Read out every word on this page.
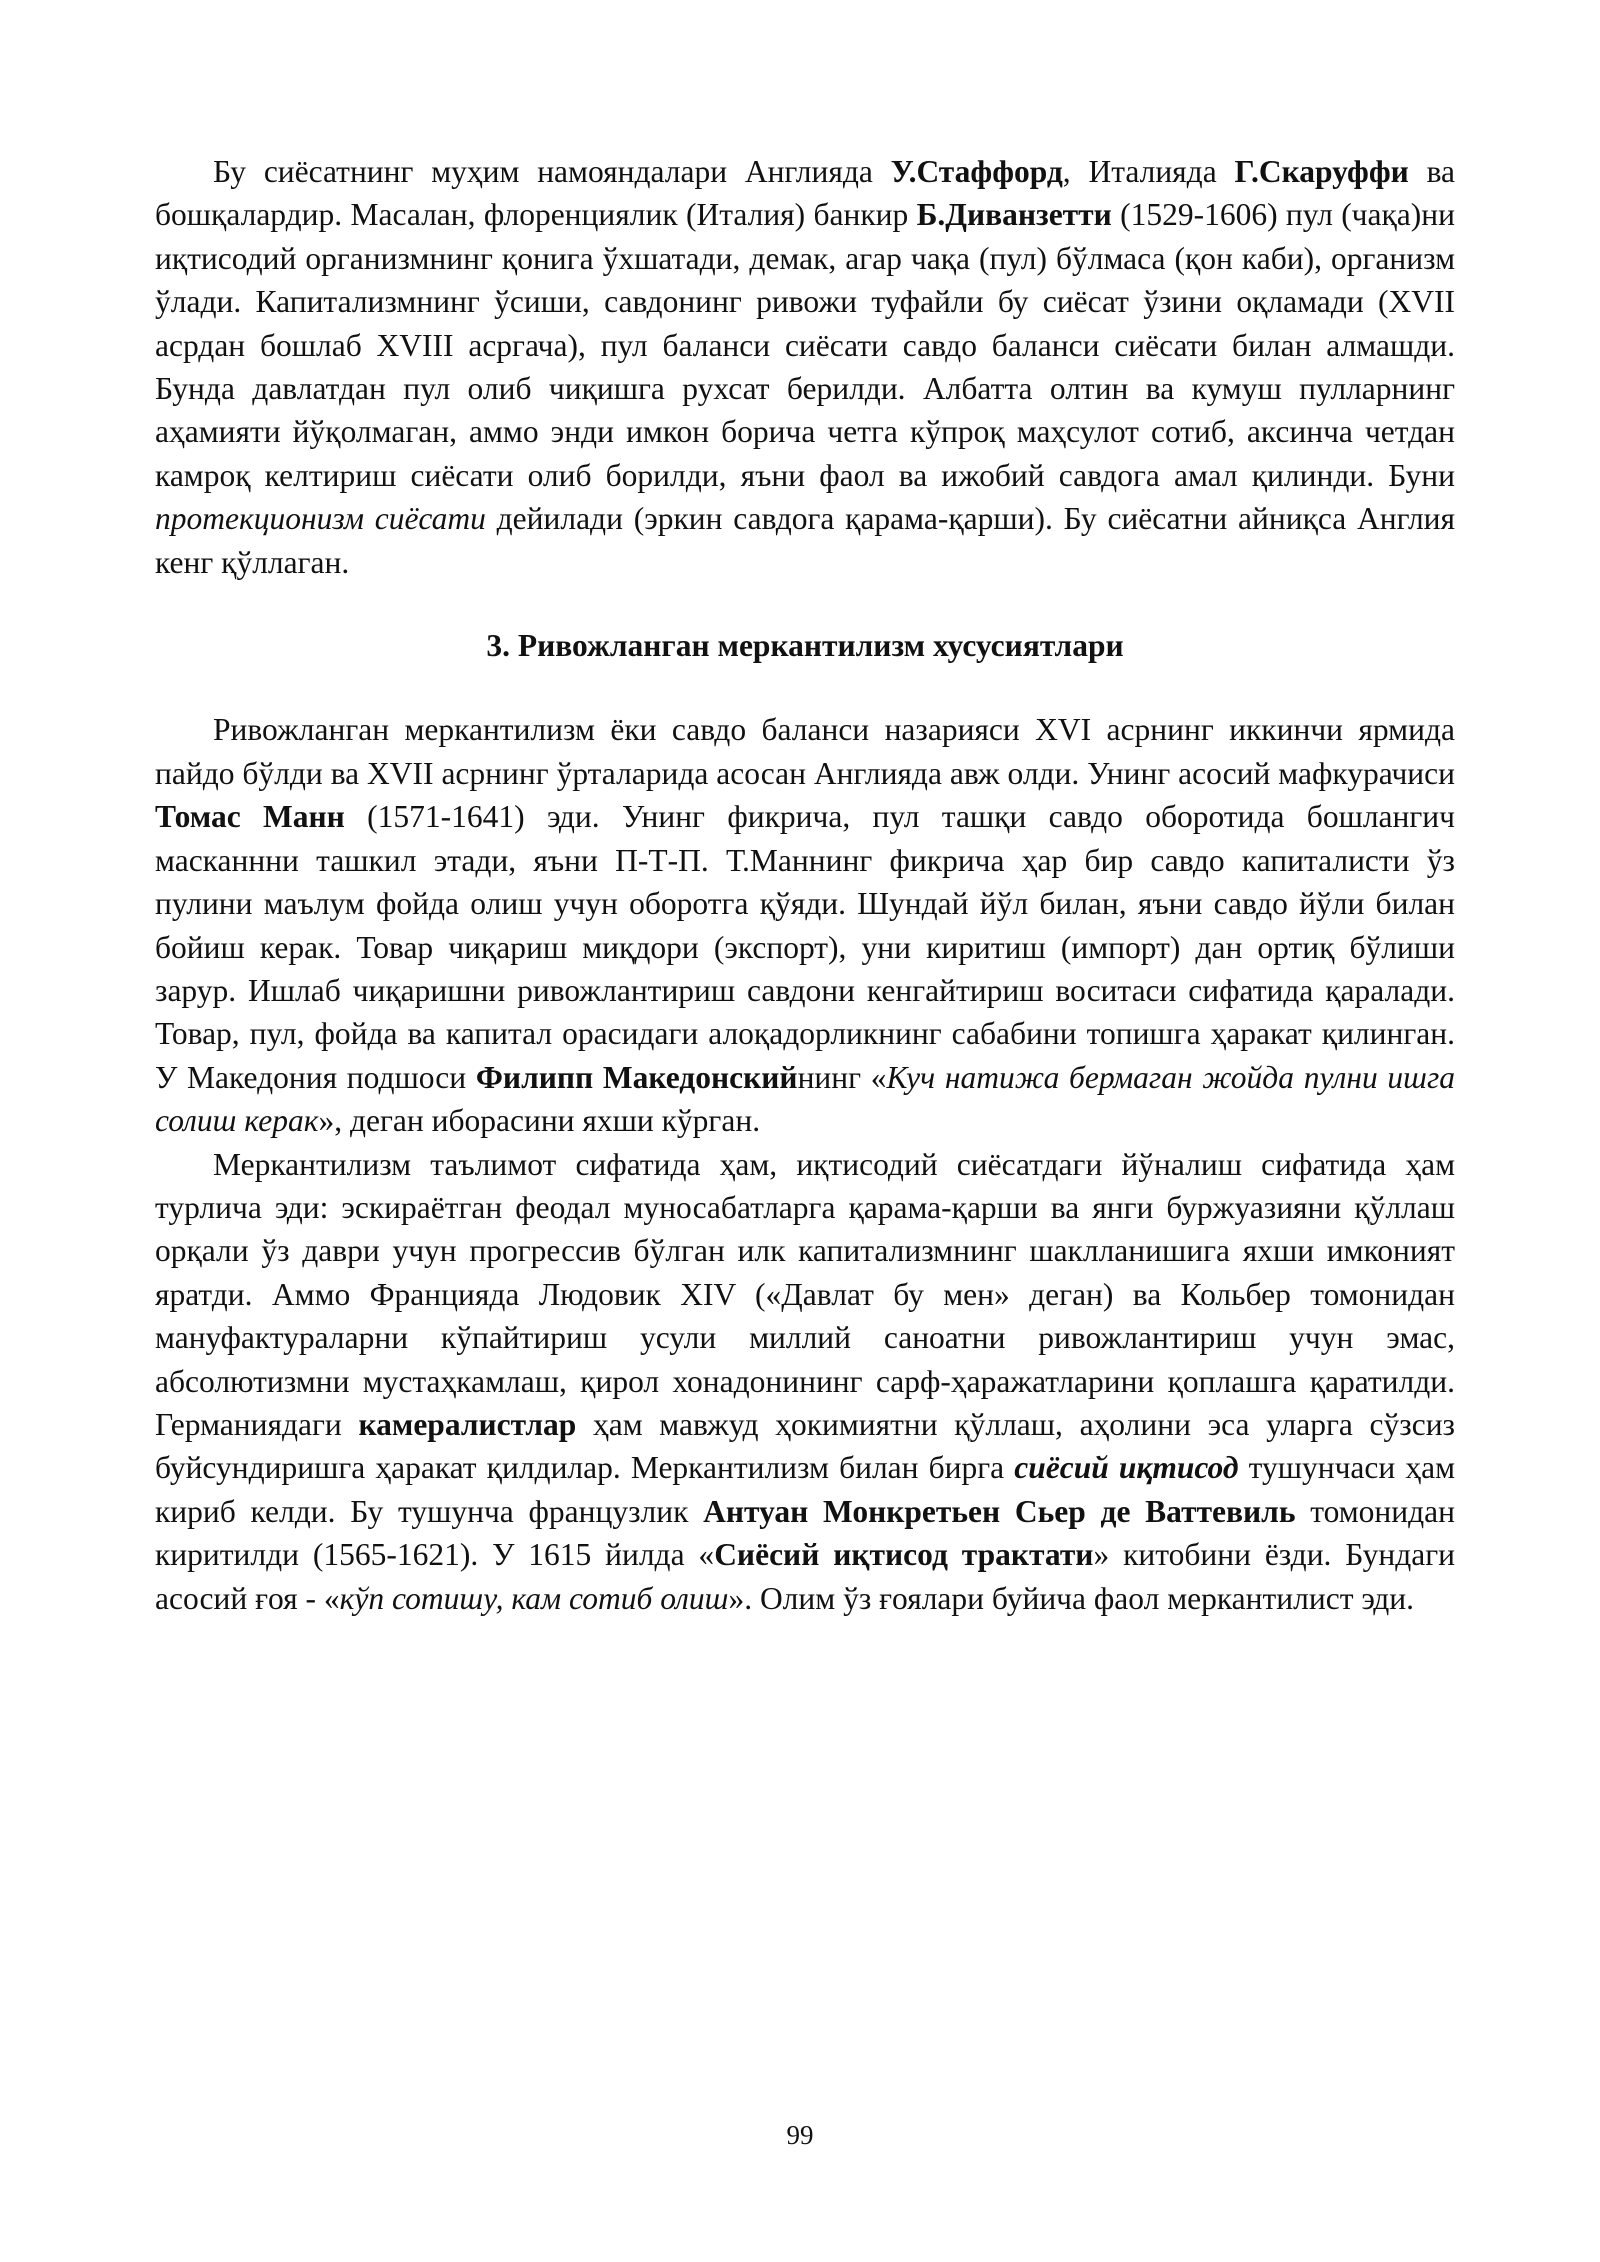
Бу сиёсатнинг муҳим намояндалари Англияда У.Стаффорд, Италияда Г.Скаруффи ва бошқалардир. Масалан, флоренциялик (Италия) банкир Б.Диванзетти (1529-1606) пул (чақа)ни иқтисодий организмнинг қонига ўхшатади, демак, агар чақа (пул) бўлмаса (қон каби), организм ўлади. Капитализмнинг ўсиши, савдонинг ривожи туфайли бу сиёсат ўзини оқламади (XVII асрдан бошлаб XVIII асргача), пул баланси сиёсати савдо баланси сиёсати билан алмашди. Бунда давлатдан пул олиб чиқишга рухсат берилди. Албатта олтин ва кумуш пулларнинг аҳамияти йўқолмаган, аммо энди имкон борича четга кўпроқ маҳсулот сотиб, аксинча четдан камроқ келтириш сиёсати олиб борилди, яъни фаол ва ижобий савдога амал қилинди. Буни протекционизм сиёсати дейилади (эркин савдога қарама-қарши). Бу сиёсатни айниқса Англия кенг қўллаган.

3. Ривожланган меркантилизм хусусиятлари

Ривожланган меркантилизм ёки савдо баланси назарияси XVI асрнинг иккинчи ярмида пайдо бўлди ва XVII асрнинг ўрталарида асосан Англияда авж олди. Унинг асосий мафкурачиси Томас Манн (1571-1641) эди. Унинг фикрича, пул ташқи савдо оборотида бошлангич масканнни ташкил этади, яъни П-Т-П. Т.Маннинг фикрича ҳар бир савдо капиталисти ўз пулини маълум фойда олиш учун оборотга қўяди. Шундай йўл билан, яъни савдо йўли билан бойиш керак. Товар чиқариш миқдори (экспорт), уни киритиш (импорт) дан ортиқ бўлиши зарур. Ишлаб чиқаришни ривожлантириш савдони кенгайтириш воситаси сифатида қаралади. Товар, пул, фойда ва капитал орасидаги алоқадорликнинг сабабини топишга ҳаракат қилинган. У Македония подшоси Филипп Македонскийнинг «Куч натижа бермаган жойда пулни ишга солиш керак», деган иборасини яхши кўрган.

Меркантилизм таълимот сифатида ҳам, иқтисодий сиёсатдаги йўналиш сифатида ҳам турлича эди: эскираётган феодал муносабатларга қарама-қарши ва янги буржуазияни қўллаш орқали ўз даври учун прогрессив бўлган илк капитализмнинг шаклланишига яхши имконият яратди. Аммо Францияда Людовик XIV («Давлат бу мен» деган) ва Кольбер томонидан мануфактураларни кўпайтириш усули миллий саноатни ривожлантириш учун эмас, абсолютизмни мустаҳкамлаш, қирол хонадонининг сарф-ҳаражатларини қоплашга қаратилди. Германиядаги камералистлар ҳам мавжуд ҳокимиятни қўллаш, аҳолини эса уларга сўзсиз буйсундиришга ҳаракат қилдилар. Меркантилизм билан бирга сиёсий иқтисод тушунчаси ҳам кириб келди. Бу тушунча французлик Антуан Монкретьен Сьер де Ваттевиль томонидан киритилди (1565-1621). У 1615 йилда «Сиёсий иқтисод трактати» китобини ёзди. Бундаги асосий ғоя - «кўп сотишу, кам сотиб олиш». Олим ўз ғоялари буйича фаол меркантилист эди.

99
